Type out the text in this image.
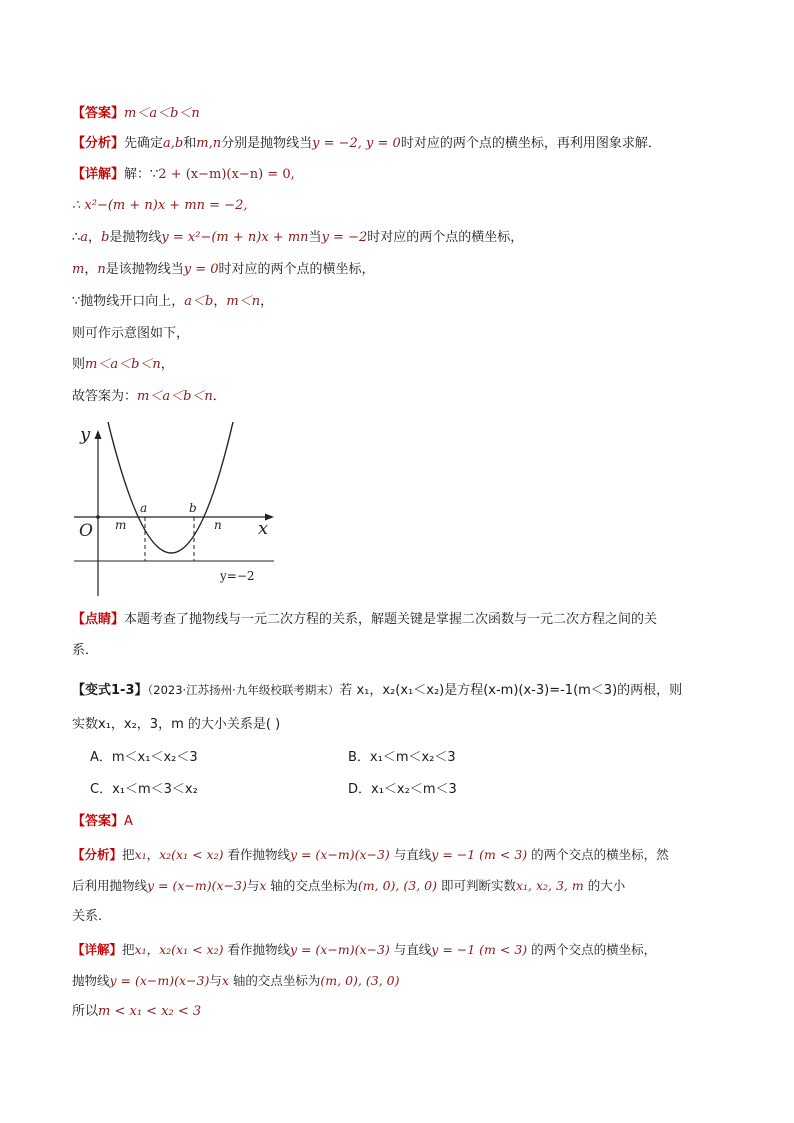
【答案】m＜a＜b＜n
【分析】先确定a,b和m,n分别是抛物线当y = −2, y = 0时对应的两个点的横坐标，再利用图象求解．
【详解】解：∵2 + (x−m)(x−n) = 0,
∴ x²−(m + n)x + mn = −2,
∴a，b是抛物线y = x²−(m + n)x + mn当y = −2时对应的两个点的横坐标，
m，n是该抛物线当y = 0时对应的两个点的横坐标，
∵抛物线开口向上，a＜b，m＜n，
则可作示意图如下，
则m＜a＜b＜n，
故答案为：m＜a＜b＜n．
y
x
O m
a	b
n
y=−2
【点睛】本题考查了抛物线与一元二次方程的关系，解题关键是掌握二次函数与一元二次方程之间的关
系．
【变式1-3】（2023·江苏扬州·九年级校联考期末）若 x₁，x₂(x₁＜x₂)是方程(x-m)(x-3)=-1(m＜3)的两根，则
实数x₁，x₂，3，m 的大小关系是( )
A．m＜x₁＜x₂＜3	B．x₁＜m＜x₂＜3
C．x₁＜m＜3＜x₂	D．x₁＜x₂＜m＜3
【答案】A
【分析】把x₁，x₂(x₁ < x₂) 看作抛物线y = (x−m)(x−3) 与直线y = −1 (m < 3) 的两个交点的横坐标，然
后利用抛物线y = (x−m)(x−3)与x 轴的交点坐标为(m, 0), (3, 0) 即可判断实数x₁, x₂, 3, m 的大小
关系.
【详解】把x₁，x₂(x₁ < x₂) 看作抛物线y = (x−m)(x−3) 与直线y = −1 (m < 3) 的两个交点的横坐标，
抛物线y = (x−m)(x−3)与x 轴的交点坐标为(m, 0), (3, 0)
所以m < x₁ < x₂ < 3
